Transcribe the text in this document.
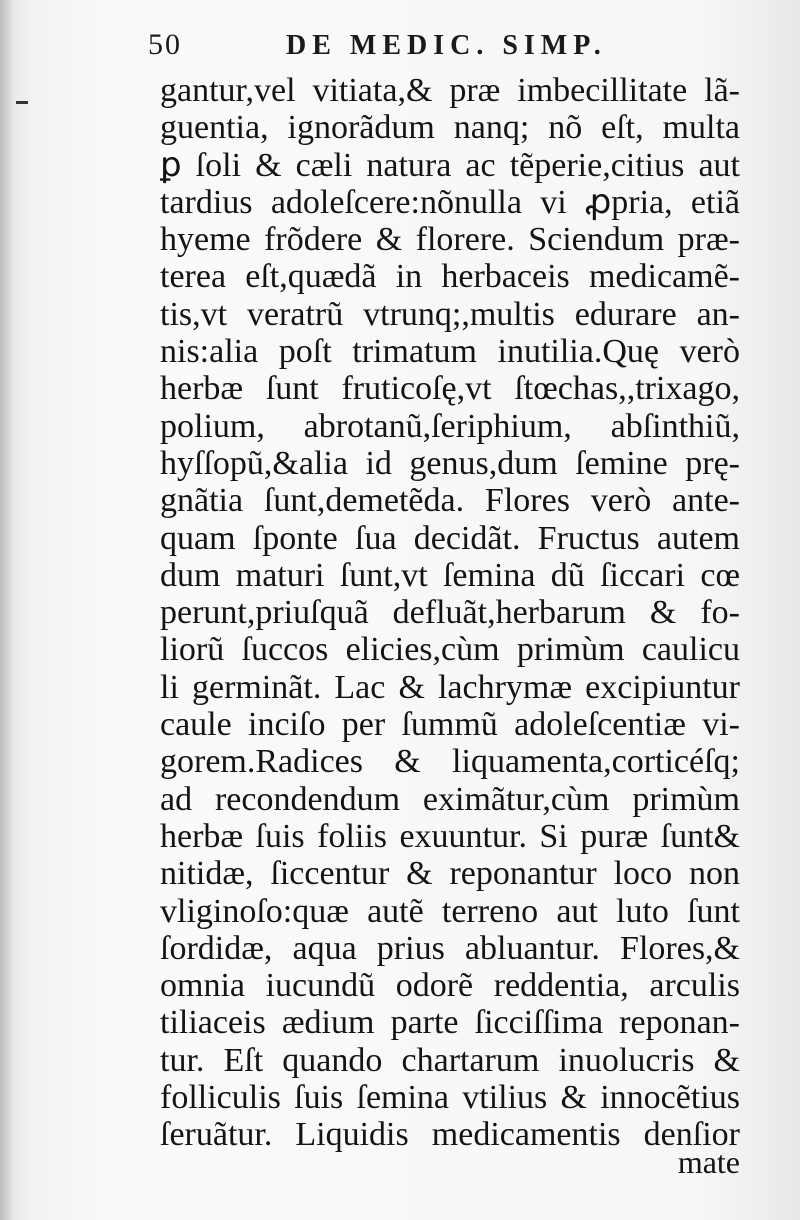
50	DE MEDIC. SIMP.
gantur,vel vitiata,& præ imbecillitate lã-
guentia, ignorãdum nanq; nõ eſt, multa
ꝑ ſoli & cæli natura ac tẽperie,citius aut
tardius adoleſcere:nõnulla vi ꝓpria, etiã
hyeme frõdere & florere. Sciendum præ-
terea eſt,quædã in herbaceis medicamẽ-
tis,vt veratrũ vtrunq;,multis edurare an-
nis:alia poſt trimatum inutilia.Quę verò
herbæ ſunt fruticoſę,vt ſtœchas,,trixago,
polium, abrotanũ,ſeriphium, abſinthiũ,
hyſſopũ,&alia id genus,dum ſemine prę-
gnãtia ſunt,demetẽda. Flores verò ante-
quam ſponte ſua decidãt. Fructus autem
dum maturi ſunt,vt ſemina dũ ſiccari cœ
perunt,priuſquã defluãt,herbarum & fo-
liorũ ſuccos elicies,cùm primùm caulicu
li germinãt. Lac & lachrymæ excipiuntur
caule inciſo per ſummũ adoleſcentiæ vi-
gorem.Radices & liquamenta,corticéſq;
ad recondendum eximãtur,cùm primùm
herbæ ſuis foliis exuuntur. Si puræ ſunt&
nitidæ, ſiccentur & reponantur loco non
vliginoſo:quæ autẽ terreno aut luto ſunt
ſordidæ, aqua prius abluantur. Flores,&
omnia iucundũ odorẽ reddentia, arculis
tiliaceis ædium parte ſicciſſima reponan-
tur. Eſt quando chartarum inuolucris &
folliculis ſuis ſemina vtilius & innocẽtius
ſeruãtur. Liquidis medicamentis denſior
mate
